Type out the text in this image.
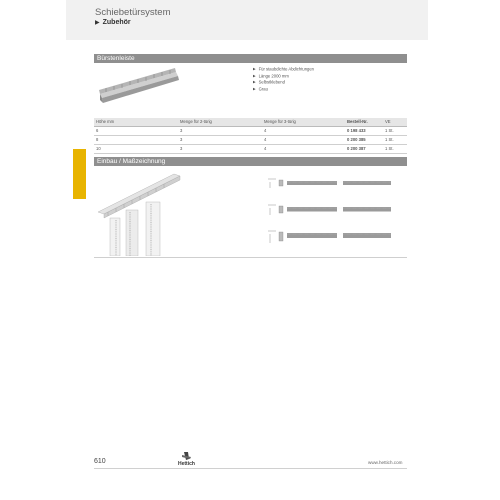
Schiebetürsystem
▶ Zubehör
Bürstenleiste
▶ Für staubdichte Abdichtungen
▶ Länge 2000 mm
▶ Selbstklebend
▶ Grau
Höhe mm	Menge für 2-türig	Menge für 3-türig	Bestell-Nr.	VE
6	3	4	0 198 433	1 St.
8	3	4	0 200 385	1 St.
10	3	4	0 200 387	1 St.
Einbau / Maßzeichnung
610	Hettich	www.hettich.com
